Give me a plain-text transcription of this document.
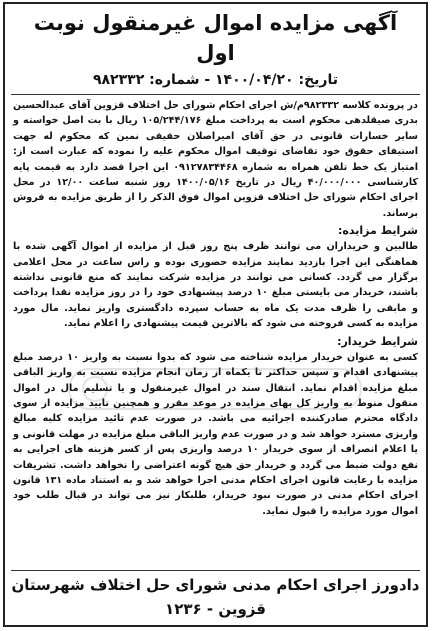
آگهی مزایده اموال غیرمنقول نوبت اول
تاریخ: ۱۴۰۰/۰۴/۲۰ - شماره: ۹۸۲۳۳۲

در پرونده کلاسه ۹۸۲۳۳۲م/ش اجرای احکام شورای حل اختلاف قزوین آقای عبدالحسین بدری صیقلدهی محکوم است به پرداخت مبلغ ۱۰۵/۲۴۴/۱۷۶ ریال با بت اصل خواسته و سایر خسارات قانونی در حق آقای امیراصلان حقیقی نمین که محکوم له جهت استیفای حقوق خود تقاضای توقیف اموال محکوم علیه را نموده که عبارت است از: امتیاز یک خط تلفن همراه به شماره ۰۹۱۲۷۸۳۴۴۶۸ این اجرا قصد دارد به قیمت پایه کارشناسی ۴۰/۰۰۰/۰۰۰ ریال در تاریخ ۱۴۰۰/۰۵/۱۶ روز شنبه ساعت ۱۲/۰۰ در محل اجرای احکام شورای حل اختلاف قزوین اموال فوق الذکر را از طریق مزایده به فروش برساند.

شرایط مزایده:

طالبین و خریداران می توانند ظرف پنج روز قبل از مزایده از اموال آگهی شده با هماهنگی این اجرا بازدید نمایند مزایده حضوری بوده و راس ساعت در محل اعلامی برگزار می گردد. کسانی می توانند در مزایده شرکت نمایند که منع قانونی نداشته باشند، خریدار می بایستی مبلغ ۱۰ درصد پیشنهادی خود را در روز مزایده نقدا پرداخت و مابقی را ظرف مدت یک ماه به حساب سپرده دادگستری واریز نماید. مال مورد مزایده به کسی فروخته می شود که بالاترین قیمت پیشنهادی را اعلام نماید.

شرایط خریدار:

کسی به عنوان خریدار مزایده شناخته می شود که بدوا نسبت به واریز ۱۰ درصد مبلغ پیشنهادی اقدام و سپس حداکثر تا یکماه از زمان انجام مزایده نسبت به واریز الباقی مبلغ مزایده اقدام نماید. انتقال سند در اموال غیرمنقول و یا تسلیم مال در اموال منقول منوط به واریز کل بهای مزایده در موعد مقرر و همچنین تایید مزایده از سوی دادگاه محترم صادرکننده اجرائیه می باشد. در صورت عدم تائید مزایده کلیه مبالغ واریزی مسترد خواهد شد و در صورت عدم واریز الباقی مبلغ مزایده در مهلت قانونی و یا اعلام انصراف از سوی خریدار ۱۰ درصد واریزی پس از کسر هزینه های اجرایی به نفع دولت ضبط می گردد و خریدار حق هیچ گونه اعتراضی را نخواهد داشت. تشریفات مزایده با رعایت قانون اجرای احکام مدنی اجرا خواهد شد و به استناد ماده ۱۳۱ قانون اجرای احکام مدنی در صورت نبود خریدار، طلبکار نیز می تواند در قبال طلب خود اموال مورد مزایده را قبول نماید.

دادورز اجرای احکام مدنی شورای حل اختلاف شهرستان قزوین - ۱۲۳۶
